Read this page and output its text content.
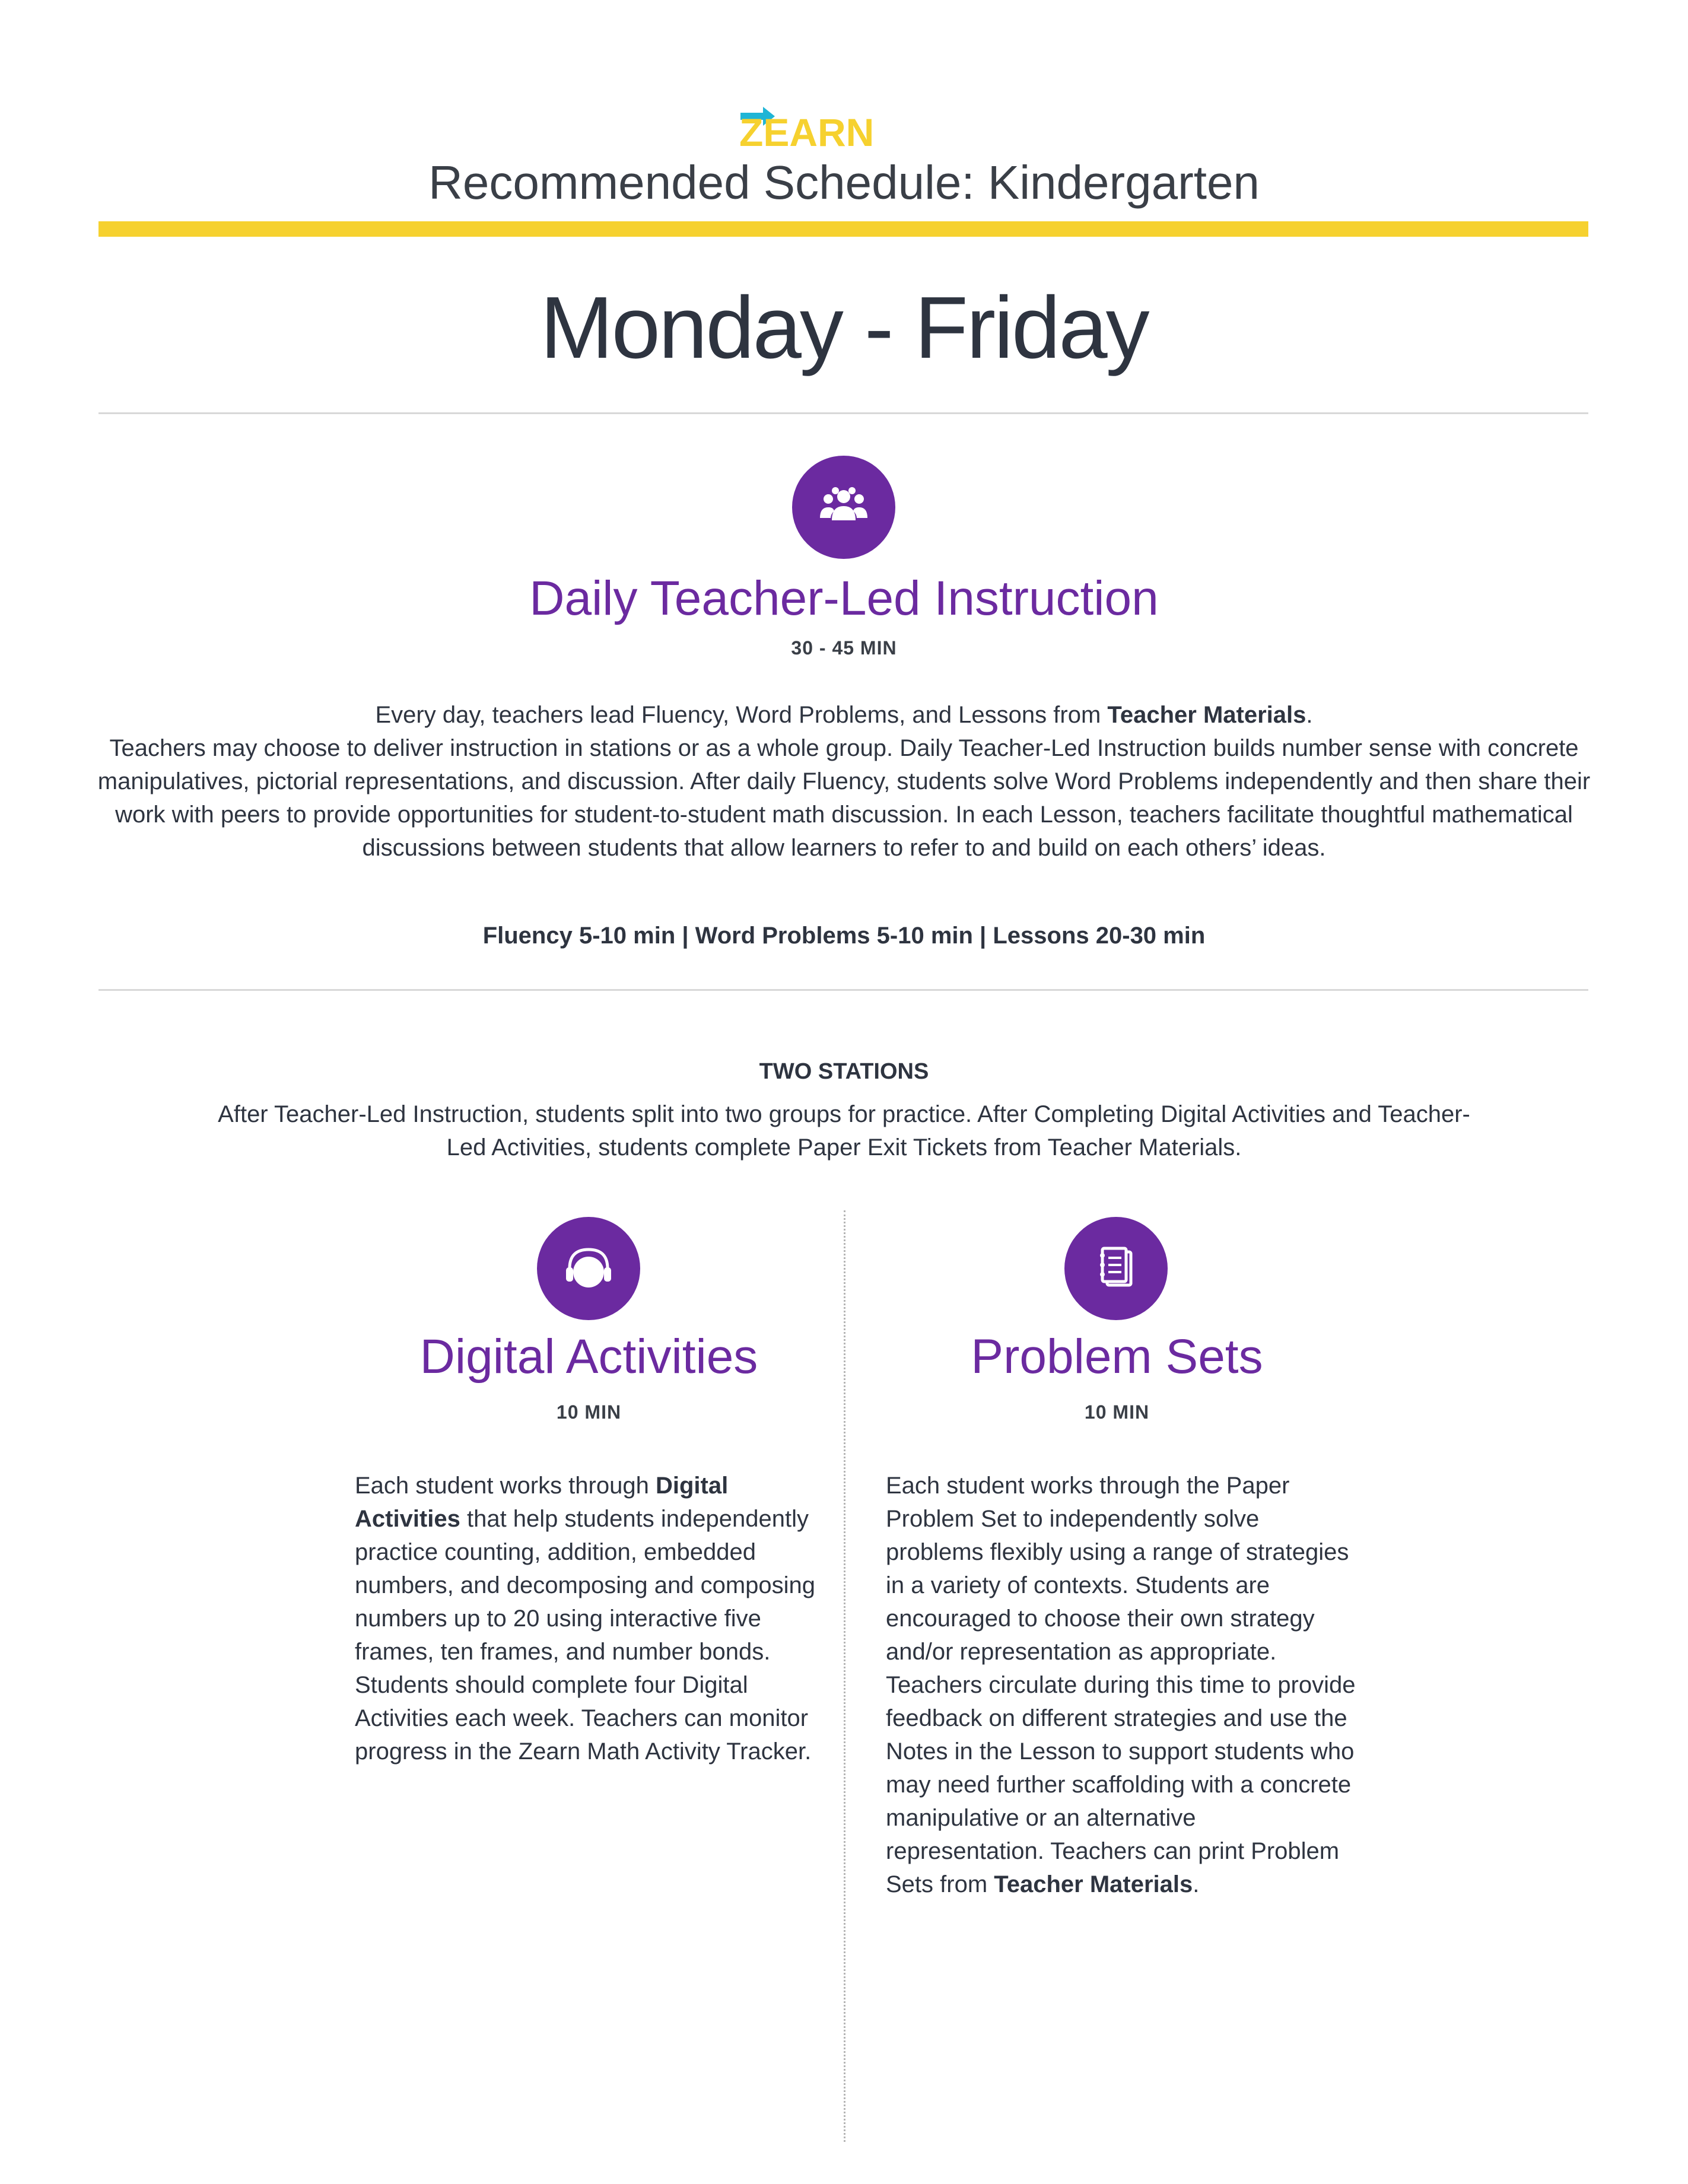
ZEARN
Recommended Schedule: Kindergarten
Monday - Friday
Daily Teacher-Led Instruction
30 - 45 MIN
Every day, teachers lead Fluency, Word Problems, and Lessons from Teacher Materials.
Teachers may choose to deliver instruction in stations or as a whole group. Daily Teacher-Led Instruction builds number sense with concrete manipulatives, pictorial representations, and discussion. After daily Fluency, students solve Word Problems independently and then share their work with peers to provide opportunities for student-to-student math discussion. In each Lesson, teachers facilitate thoughtful mathematical discussions between students that allow learners to refer to and build on each others’ ideas.
Fluency 5-10 min | Word Problems 5-10 min | Lessons 20-30 min
TWO STATIONS
After Teacher-Led Instruction, students split into two groups for practice. After Completing Digital Activities and Teacher-Led Activities, students complete Paper Exit Tickets from Teacher Materials.
Digital Activities
10 MIN
Each student works through Digital Activities that help students independently practice counting, addition, embedded numbers, and decomposing and composing numbers up to 20 using interactive five frames, ten frames, and number bonds. Students should complete four Digital Activities each week. Teachers can monitor progress in the Zearn Math Activity Tracker.
Problem Sets
10 MIN
Each student works through the Paper Problem Set to independently solve problems flexibly using a range of strategies in a variety of contexts. Students are encouraged to choose their own strategy and/or representation as appropriate. Teachers circulate during this time to provide feedback on different strategies and use the Notes in the Lesson to support students who may need further scaffolding with a concrete manipulative or an alternative representation. Teachers can print Problem Sets from Teacher Materials.
